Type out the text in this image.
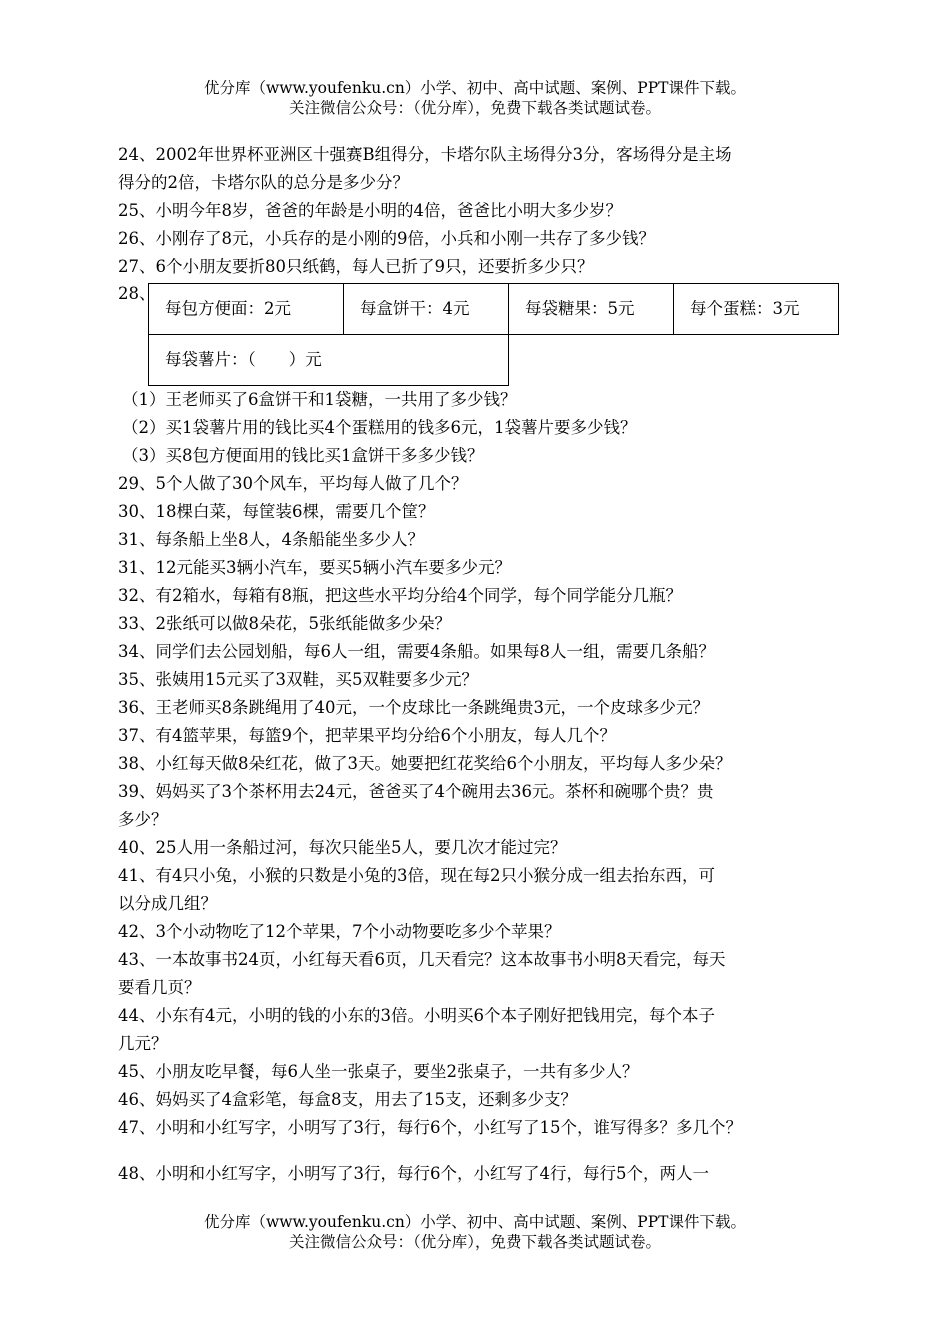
优分库（www.youfenku.cn）小学、初中、高中试题、案例、PPT课件下载。
关注微信公众号：（优分库），免费下载各类试题试卷。
24、2002年世界杯亚洲区十强赛B组得分，卡塔尔队主场得分3分，客场得分是主场
得分的2倍，卡塔尔队的总分是多少分？
25、小明今年8岁，爸爸的年龄是小明的4倍，爸爸比小明大多少岁？
26、小刚存了8元，小兵存的是小刚的9倍，小兵和小刚一共存了多少钱？
27、6个小朋友要折80只纸鹤，每人已折了9只，还要折多少只？
28、
每包方便面：2元	每盒饼干：4元	每袋糖果：5元	每个蛋糕：3元
每袋薯片：（　　）元			
（1）王老师买了6盒饼干和1袋糖，一共用了多少钱？
（2）买1袋薯片用的钱比买4个蛋糕用的钱多6元，1袋薯片要多少钱？
（3）买8包方便面用的钱比买1盒饼干多多少钱？
29、5个人做了30个风车，平均每人做了几个？
30、18棵白菜，每筐装6棵，需要几个筐？
31、每条船上坐8人，4条船能坐多少人？
31、12元能买3辆小汽车，要买5辆小汽车要多少元？
32、有2箱水，每箱有8瓶，把这些水平均分给4个同学，每个同学能分几瓶？
33、2张纸可以做8朵花，5张纸能做多少朵？
34、同学们去公园划船，每6人一组，需要4条船。如果每8人一组，需要几条船？
35、张姨用15元买了3双鞋，买5双鞋要多少元？
36、王老师买8条跳绳用了40元，一个皮球比一条跳绳贵3元，一个皮球多少元？
37、有4篮苹果，每篮9个，把苹果平均分给6个小朋友，每人几个？
38、小红每天做8朵红花，做了3天。她要把红花奖给6个小朋友，平均每人多少朵？
39、妈妈买了3个茶杯用去24元，爸爸买了4个碗用去36元。茶杯和碗哪个贵？贵
多少？
40、25人用一条船过河，每次只能坐5人，要几次才能过完？
41、有4只小兔，小猴的只数是小兔的3倍，现在每2只小猴分成一组去抬东西，可
以分成几组？
42、3个小动物吃了12个苹果，7个小动物要吃多少个苹果？
43、一本故事书24页，小红每天看6页，几天看完？这本故事书小明8天看完，每天
要看几页？
44、小东有4元，小明的钱的小东的3倍。小明买6个本子刚好把钱用完，每个本子
几元？
45、小朋友吃早餐，每6人坐一张桌子，要坐2张桌子，一共有多少人？
46、妈妈买了4盒彩笔，每盒8支，用去了15支，还剩多少支？
47、小明和小红写字，小明写了3行，每行6个，小红写了15个，谁写得多？多几个？
48、小明和小红写字，小明写了3行，每行6个，小红写了4行，每行5个，两人一
优分库（www.youfenku.cn）小学、初中、高中试题、案例、PPT课件下载。
关注微信公众号：（优分库），免费下载各类试题试卷。
